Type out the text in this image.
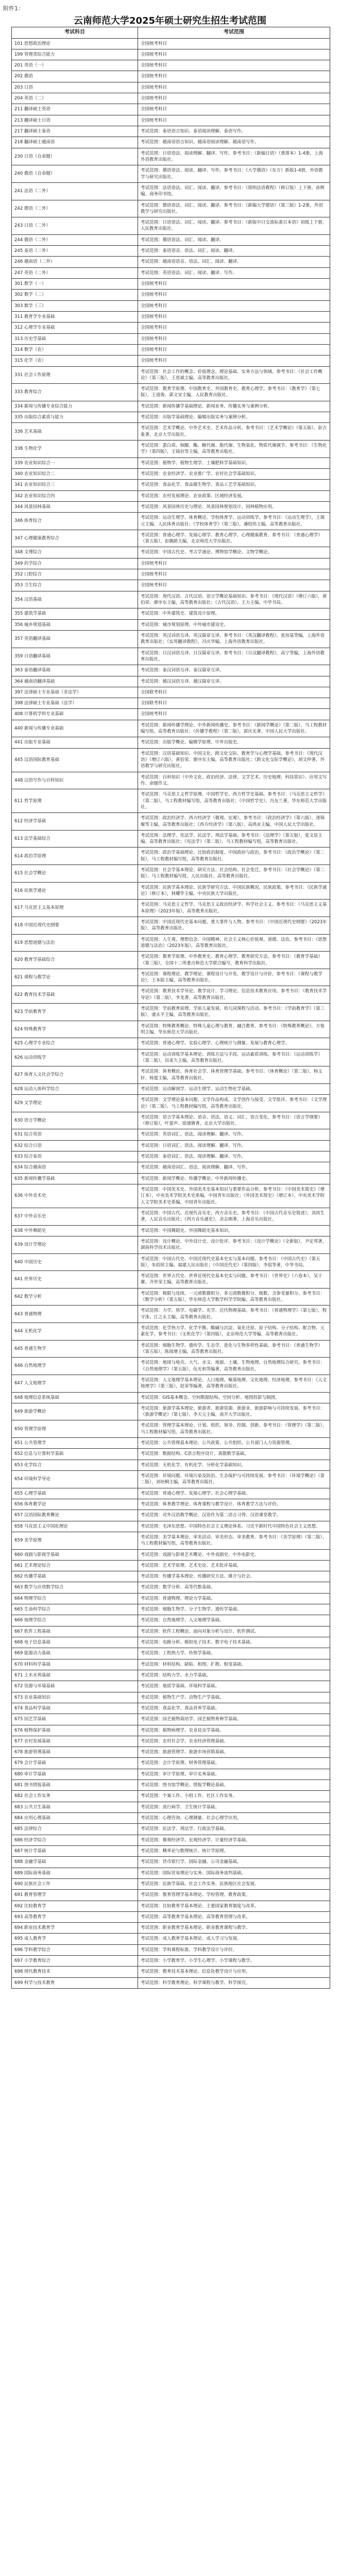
附件1：
云南师范大学2025年硕士研究生招生考试范围
考试科目	考试范围
101 思想政治理论	全国统考科目
199 管理类综合能力	全国统考科目
201 英语（一）	全国统考科目
202 俄语	全国统考科目
203 日语	全国统考科目
204 英语（二）	全国统考科目
211 翻译硕士英语	全国统考科目
213 翻译硕士日语	全国统考科目
217 翻译硕士泰语	考试范围：泰语语言知识、泰语阅读理解、泰语写作。
218 翻译硕士越南语	考试范围：越南语语言知识、越南语阅读理解、越南语写作。
230 日语（自命题）	考试范围：日语语法、阅读理解、翻译、写作。参考书目：《新编日语》（重排本）1-4册，上海外语教育出版社。
240 俄语（自命题）	考试范围：俄语语法、阅读、翻译、写作。参考书目：《大学俄语》（东方）新版1-4册，外语教学与研究出版社。
241 法语（二外）	考试范围：法语语法、词汇、阅读、翻译。参考书目：《简明法语教程》（修订版）上下册，孙辉编，商务印书馆。
242 德语（二外）	考试范围：德语语法、词汇、阅读、翻译。参考书目：《新编大学德语》（第三版）1-2册，外语教学与研究出版社。
243 日语（二外）	考试范围：日语语法、词汇、阅读、翻译。参考书目：《新版中日交流标准日本语》初级上下册，人民教育出版社。
244 俄语（二外）	考试范围：俄语语法、词汇、阅读、翻译。
245 泰语（二外）	考试范围：泰语语音、语法、词汇、阅读、翻译。
246 越南语（二外）	考试范围：越南语语音、语法、词汇、阅读、翻译。
247 英语（二外）	考试范围：英语语法、词汇、阅读、翻译、写作。
301 数学（一）	全国统考科目
302 数学（二）	全国统考科目
303 数学（三）	全国统考科目
311 教育学专业基础	全国统考科目
312 心理学专业基础	全国统考科目
313 历史学基础	全国统考科目
314 数学（农）	全国统考科目
315 化学（农）	全国统考科目
331 社会工作原理	考试范围：社会工作的概念、价值理念、理论基础、实务方法与领域。参考书目：《社会工作概论》（第三版），王思斌主编，高等教育出版社。
333 教育综合	考试范围：教育学原理、中国教育史、外国教育史、教育心理学。参考书目：《教育学》（第七版），王道俊、郭文安主编，人民教育出版社。
334 新闻与传播专业综合能力	考试范围：新闻传播学基础理论、新闻业务、传播实务与案例分析。
335 出版综合素质与能力	考试范围：出版学基础理论、编辑出版实务与案例分析。
336 艺术基础	考试范围：艺术学概论、中外艺术史、艺术作品分析。参考书目：《艺术学概论》（第五版），彭吉象著，北京大学出版社。
338 生物化学	考试范围：蛋白质、核酸、酶、糖代谢、脂代谢、生物氧化、物质代谢调节。参考书目：《生物化学》（第四版），王镜岩等主编，高等教育出版社。
339 农业知识综合一	考试范围：植物学、植物生理学、土壤肥料学基础知识。
340 农业知识综合二	考试范围：农业经济学、农业推广学、农村社会学基础知识。
341 农业知识综合三	考试范围：食品化学、食品微生物学、食品工艺学基础知识。
342 农业知识综合四	考试范围：农村发展理论、农业政策、区域经济发展。
344 风景园林基础	考试范围：风景园林历史与理论、风景园林规划设计、园林植物应用。
346 体育综合	考试范围：运动生理学、体育概论、学校体育学、运动训练学。参考书目：《运动生理学》，王瑞元主编，人民体育出版社；《学校体育学》（第三版），潘绍伟主编，高等教育出版社。
347 心理健康教育综合	考试范围：普通心理学、发展心理学、教育心理学、心理健康教育。参考书目：《普通心理学》（第五版），彭聃龄主编，北京师范大学出版社。
348 文博综合	考试范围：中国古代史、考古学通论、博物馆学概论、文物学概论。
349 药学综合	全国统考科目
352 口腔综合	全国统考科目
353 卫生综合	全国统考科目
354 汉语基础	考试范围：现代汉语、古代汉语、语言学概论基础知识。参考书目：《现代汉语》（增订六版），黄伯荣、廖序东主编，高等教育出版社；《古代汉语》，王力主编，中华书局。
355 建筑学基础	考试范围：中外建筑史、建筑设计原理。
356 城乡规划基础	考试范围：城市规划原理、中外城市建设史。
357 英语翻译基础	考试范围：英汉词语互译、英汉篇章互译。参考书目：《英汉翻译教程》，张培基等编，上海外语教育出版社；《实用翻译教程》，冯庆华编，上海外语教育出版社。
359 日语翻译基础	考试范围：日汉词语互译、日汉篇章互译。参考书目：《日汉翻译教程》，高宁等编，上海外语教育出版社。
363 泰语翻译基础	考试范围：泰汉词语互译、泰汉篇章互译。
364 越南语翻译基础	考试范围：越汉词语互译、越汉篇章互译。
397 法律硕士专业基础（非法学）	全国联考科目
398 法律硕士专业基础（法学）	全国联考科目
408 计算机学科专业基础	全国统考科目
440 新闻与传播专业基础	考试范围：新闻传播学理论、中外新闻传播史。参考书目：《新闻学概论》（第二版），马工程教材编写组，高等教育出版社；《传播学教程》（第二版），郭庆光著，中国人民大学出版社。
441 出版专业基础	考试范围：出版学概论、编辑学原理、中外出版史。
445 汉语国际教育基础	考试范围：汉语基础知识、中国文化、跨文化交际、教育学与心理学基础。参考书目：《现代汉语》（增订六版），黄伯荣、廖序东主编，高等教育出版社；《跨文化交际学概论》，胡文仲著，外语教学与研究出版社。
448 汉语写作与百科知识	考试范围：百科知识（中外文化、政治经济、法律、文学艺术、历史地理、科技常识）、应用文写作、命题作文。
611 哲学原理	考试范围：马克思主义哲学原理、中国哲学史、西方哲学史基础。参考书目：《马克思主义哲学》（第二版），马工程教材编写组，高等教育出版社；《中国哲学史》，冯友兰著，华东师范大学出版社。
612 经济学基础	考试范围：政治经济学、西方经济学（微观、宏观）。参考书目：《政治经济学》（第六版），逄锦聚等主编，高等教育出版社；《西方经济学》（第八版），高鸿业主编，中国人民大学出版社。
613 法学基础综合	考试范围：法理学、宪法学、民法学、刑法学基础。参考书目：《法理学》（第五版），张文显主编，高等教育出版社；《宪法学》（第二版），马工程教材编写组，高等教育出版社。
614 政治学原理	考试范围：政治学基础理论、比较政治制度、中国政府与政治。参考书目：《政治学概论》（第二版），马工程教材编写组，高等教育出版社。
615 社会学概论	考试范围：社会学基本理论、研究方法、社会结构、社会变迁。参考书目：《社会学概论》（第二版），马工程教材编写组，人民出版社、高等教育出版社。
616 民族学通论	考试范围：民族学基本理论、民族学研究方法、中国民族概况、民族政策。参考书目：《民族学通论》（修订本），林耀华主编，中央民族大学出版社。
617 马克思主义基本原理	考试范围：马克思主义哲学、马克思主义政治经济学、科学社会主义。参考书目：《马克思主义基本原理》（2023年版），高等教育出版社。
618 中国近现代史纲要	考试范围：中国近现代史基本问题、重大事件与人物。参考书目：《中国近现代史纲要》（2023年版），高等教育出版社。
619 思想道德与法治	考试范围：人生观、理想信念、中国精神、社会主义核心价值观、道德、法治。参考书目：《思想道德与法治》（2023年版），高等教育出版社。
620 教育学基础综合	考试范围：教育学原理、中外教育史、教育心理学、教育研究方法。参考书目：《教育学基础》（第三版），全国十二所重点师范大学联合编写，教育科学出版社。
621 课程与教学论	考试范围：课程理论、教学理论、课程设计与开发、教学设计与评价。参考书目：《课程与教学论》，王本陆主编，高等教育出版社。
622 教育技术学基础	考试范围：教育技术学导论、教学设计、学习理论、信息技术教育应用。参考书目：《教育技术学导论》（第二版），李龙著，高等教育出版社。
623 学前教育学	考试范围：学前教育原理、学前儿童发展、幼儿园课程与活动。参考书目：《学前教育学》（第三版），虞永平主编，高等教育出版社。
624 特殊教育学	考试范围：特殊教育概论、特殊儿童心理与教育、融合教育。参考书目：《特殊教育概论》，方俊明主编，华东师范大学出版社。
625 心理学专业综合	考试范围：普通心理学、实验心理学、心理统计与测量、发展与教育心理学。
626 运动训练学	考试范围：运动训练学基本理论、训练方法与手段、运动素质训练。参考书目：《运动训练学》（第二版），田麦久主编，高等教育出版社。
627 体育人文社会学综合	考试范围：体育概论、体育社会学、体育管理学基础。参考书目：《体育概论》（第二版），杨文轩、杨霆主编，高等教育出版社。
628 运动人体科学综合	考试范围：运动解剖学、运动生理学、运动生物化学基础。
629 文学理论	考试范围：文学理论基本问题、文学作品构成、文学创作与接受、文学批评。参考书目：《文学理论》（第二版），马工程教材编写组，高等教育出版社。
630 语言学概论	考试范围：语言学基本理论、语音、语法、语义、词汇、语言变化。参考书目：《语言学纲要》（修订版），叶蜚声、徐通锵著，北京大学出版社。
631 综合英语	考试范围：英语词汇、语法、阅读理解、翻译、写作。
632 综合日语	考试范围：日语词汇、语法、阅读理解、翻译、写作。
633 综合泰语	考试范围：泰语词汇、语法、阅读理解、翻译、写作。
634 综合越南语	考试范围：越南语词汇、语法、阅读理解、翻译、写作。
635 新闻传播学基础	考试范围：新闻学概论、传播学概论、中外新闻传播史。
636 中外美术史	考试范围：中国美术史、外国美术史基本知识与重要作品分析。参考书目：《中国美术简史》（增订本），中央美术学院美术史系编，中国青年出版社；《外国美术简史》（增订本），中央美术学院人文学院美术史系编，中国青年出版社。
637 中外音乐史	考试范围：中国古代、近现代音乐史，西方音乐史。参考书目：《中国古代音乐史简述》，刘再生著，人民音乐出版社；《西方音乐通史》，余志刚著，上海音乐出版社。
638 中外舞蹈史	考试范围：中国舞蹈史、外国舞蹈史基本知识。
639 设计学理论	考试范围：设计概论、中外设计史、设计批评。参考书目：《设计学概论》（全新版），尹定邦著，湖南科学技术出版社。
640 中国历史	考试范围：中国古代史、中国近现代史基本史实与基本问题。参考书目：《中国古代史》（第五版），朱绍侯主编，福建人民出版社；《中国近代史》（第四版），李侃等著，中华书局。
641 世界历史	考试范围：世界古代史、世界近现代史基本史实与问题。参考书目：《世界史》（六卷本），吴于廑、齐世荣主编，高等教育出版社。
642 数学分析	考试范围：极限与连续、一元函数微积分、多元函数微积分、级数、含参变量积分。参考书目：《数学分析》（第五版），华东师范大学数学科学学院编，高等教育出版社。
643 普通物理	考试范围：力学、热学、电磁学、光学、近代物理基础。参考书目：《普通物理学》（第七版），程守洙、江之永主编，高等教育出版社。
644 无机化学	考试范围：化学热力学、化学平衡、酸碱与沉淀、氧化还原、原子结构、分子结构、配合物、元素化学。参考书目：《无机化学》（第四版），北京师范大学等编，高等教育出版社。
645 普通生物学	考试范围：细胞生物学、遗传学、生态学、进化与生物多样性基础。参考书目：《普通生物学》（第五版），陈阅增主编，高等教育出版社。
646 自然地理学	考试范围：地球与地壳、大气、水文、地貌、土壤、生物地理、自然地理综合研究。参考书目：《自然地理学》（第五版），伍光和等编著，高等教育出版社。
647 人文地理学	考试范围：人文地理学基本理论、人口地理、聚落地理、文化地理、经济地理。参考书目：《人文地理学》（第三版），赵荣等编著，高等教育出版社。
648 地理信息系统基础	考试范围：GIS基本概念、空间数据结构、空间分析、地图投影与制图。
649 旅游学概论	考试范围：旅游学基本理论、旅游者、旅游资源、旅游业、旅游影响与可持续发展。参考书目：《旅游学概论》（第七版），李天元主编，南开大学出版社。
650 管理学原理	考试范围：管理学基本理论、计划、组织、领导、控制、创新。参考书目：《管理学》（第二版），马工程教材编写组，高等教育出版社。
651 公共管理学	考试范围：公共管理基本理论、公共政策、公共组织、公共部门人力资源管理。
652 信息与计算科学基础	考试范围：数据结构、C语言程序设计、离散数学基础。
653 化学综合	考试范围：无机化学、有机化学、分析化学基础知识。
654 环境科学导论	考试范围：环境问题、环境污染及防治、生态保护与可持续发展。参考书目：《环境学概论》（第二版），刘培桐主编，高等教育出版社。
655 心理学基础	考试范围：普通心理学、发展心理学、社会心理学基础。
656 体育教学论	考试范围：体育教学理论、体育课程与教学设计、体育教学方法与评价。
657 汉语国际教育概论	考试范围：对外汉语教学概论、汉语作为第二语言习得、汉语课堂教学。
658 马克思主义中国化理论	考试范围：毛泽东思想、中国特色社会主义理论体系、习近平新时代中国特色社会主义思想。
659 美学原理	考试范围：美学基本理论、审美活动、审美形态、审美教育。参考书目：《美学原理》（第二版），马工程教材编写组，高等教育出版社。
660 戏剧与影视学基础	考试范围：戏剧与影视艺术概论、中外戏剧史、中外电影史。
661 艺术理论综合	考试范围：艺术学原理、艺术史论、艺术批评基础。
662 传播学基础	考试范围：传播学基本理论、传播研究方法、媒介与社会。
663 数学与应用数学综合	考试范围：数学分析、高等代数基础。
664 物理学综合	考试范围：普通物理、理论力学基础。
665 生命科学综合	考试范围：细胞生物学、分子生物学、遗传学基础。
666 地理学综合	考试范围：自然地理学、人文地理学基础。
667 软件工程基础	考试范围：软件工程概论、面向对象分析与设计、软件测试。
668 电子信息基础	考试范围：电路分析、模拟电子技术、数字电子技术基础。
669 能源动力基础	考试范围：工程热力学、传热学基础。
670 材料科学基础	考试范围：材料结构、缺陷、相图、扩散、相变基础。
671 土木水利基础	考试范围：结构力学、水力学基础。
672 资源与环境基础	考试范围：地质学基础、环境科学基础。
673 农业基础知识	考试范围：植物生产学、动物生产学基础。
674 食品科学基础	考试范围：食品化学、食品营养学基础。
675 园艺学基础	考试范围：园艺植物栽培学、园艺植物育种学基础。
676 植物保护基础	考试范围：植物病理学、农业昆虫学基础。
677 农村发展基础	考试范围：农村社会学、农业经济管理基础。
678 旅游管理基础	考试范围：旅游管理学、旅游市场营销基础。
679 会计学基础	考试范围：会计学原理、财务管理基础。
680 审计学基础	考试范围：审计学原理、审计实务基础。
681 图书情报基础	考试范围：图书馆学概论、情报学概论基础。
682 社会工作实务	考试范围：个案工作、小组工作、社区工作实务。
683 公共卫生基础	考试范围：流行病学、卫生统计学基础。
684 应用心理基础	考试范围：心理咨询、心理测量、社会心理学应用。
685 法律综合	考试范围：民法学、刑法学、行政法学基础。
686 经济学综合	考试范围：微观经济学、宏观经济学、计量经济学基础。
687 统计学基础	考试范围：概率论与数理统计、统计学原理。
688 金融学基础	考试范围：货币银行学、国际金融、公司金融基础。
689 国际商务基础	考试范围：国际贸易理论与实务、国际商务谈判基础。
690 民族社会工作	考试范围：民族学基础、社会工作实务、民族地区社会发展。
691 教育管理学	考试范围：教育管理学基本理论、学校管理、教育政策。
692 比较教育学	考试范围：比较教育学基本理论、主要国家教育制度与改革。
693 高等教育学	考试范围：高等教育学基本理论、高等教育管理与改革。
694 职业技术教育学	考试范围：职业教育学基本理论、职业教育课程与教学。
695 成人教育学	考试范围：成人教育学基本理论、成人学习与发展。
696 学科教学综合	考试范围：学科课程标准、学科教学设计与评价。
697 小学教育综合	考试范围：小学教育学、小学生心理学、小学课程与教学。
698 现代教育技术	考试范围：教育技术基本理论、信息化教学设计与应用。
699 科学与技术教育	考试范围：科学教育理论、科学课程与教学、科学探究。
